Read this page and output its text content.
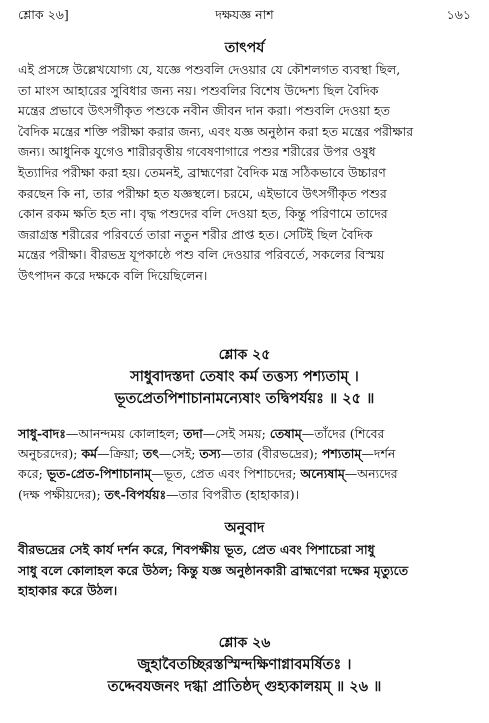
শ্লোক ২৬]	দক্ষযজ্ঞ নাশ	১৬১
তাৎপর্য
এই প্রসঙ্গে উল্লেখযোগ্য যে, যজ্ঞে পশুবলি দেওয়ার যে কৌশলগত ব্যবস্থা ছিল,
তা মাংস আহারের সুবিধার জন্য নয়। পশুবলির বিশেষ উদ্দেশ্য ছিল বৈদিক
মন্ত্রের প্রভাবে উৎসর্গীকৃত পশুকে নবীন জীবন দান করা। পশুবলি দেওয়া হত
বৈদিক মন্ত্রের শক্তি পরীক্ষা করার জন্য, এবং যজ্ঞ অনুষ্ঠান করা হত মন্ত্রের পরীক্ষার
জন্য। আধুনিক যুগেও শারীরবৃত্তীয় গবেষণাগারে পশুর শরীরের উপর ওষুধ
ইত্যাদির পরীক্ষা করা হয়। তেমনই, ব্রাহ্মণেরা বৈদিক মন্ত্র সঠিকভাবে উচ্চারণ
করছেন কি না, তার পরীক্ষা হত যজ্ঞস্থলে। চরমে, এইভাবে উৎসর্গীকৃত পশুর
কোন রকম ক্ষতি হত না। বৃদ্ধ পশুদের বলি দেওয়া হত, কিন্তু পরিণামে তাদের
জরাগ্রস্ত শরীরের পরিবর্তে তারা নতুন শরীর প্রাপ্ত হত। সেটিই ছিল বৈদিক
মন্ত্রের পরীক্ষা। বীরভদ্র যূপকাষ্ঠে পশু বলি দেওয়ার পরিবর্তে, সকলের বিস্ময়
উৎপাদন করে দক্ষকে বলি দিয়েছিলেন।
শ্লোক ২৫
সাধুবাদস্তদা তেষাং কর্ম তত্তস্য পশ্যতাম্ ।
ভূতপ্রেতপিশাচানামন্যেষাং তদ্বিপর্যয়ঃ ॥ ২৫ ॥
সাধু-বাদঃ—আনন্দময় কোলাহল; তদা—সেই সময়; তেষাম্—তাঁদের (শিবের
অনুচরদের); কর্ম—ক্রিয়া; তৎ—সেই; তস্য—তার (বীরভদ্রের); পশ্যতাম্—দর্শন
করে; ভূত-প্রেত-পিশাচানাম্—ভূত, প্রেত এবং পিশাচদের; অন্যেষাম্—অন্যদের
(দক্ষ পক্ষীয়দের); তৎ-বিপর্যয়ঃ—তার বিপরীত (হাহাকার)।
অনুবাদ
বীরভদ্রের সেই কার্য দর্শন করে, শিবপক্ষীয় ভূত, প্রেত এবং পিশাচেরা সাধু
সাধু বলে কোলাহল করে উঠল; কিন্তু যজ্ঞ অনুষ্ঠানকারী ব্রাহ্মণেরা দক্ষের মৃত্যুতে
হাহাকার করে উঠল।
শ্লোক ২৬
জুহাবৈতচ্ছিরস্তস্মিন্দক্ষিণাগ্নাবমর্ষিতঃ ।
তদ্দেবযজনং দগ্ধা প্রাতিষ্ঠদ্ গুহ্যকালয়ম্ ॥ ২৬ ॥
